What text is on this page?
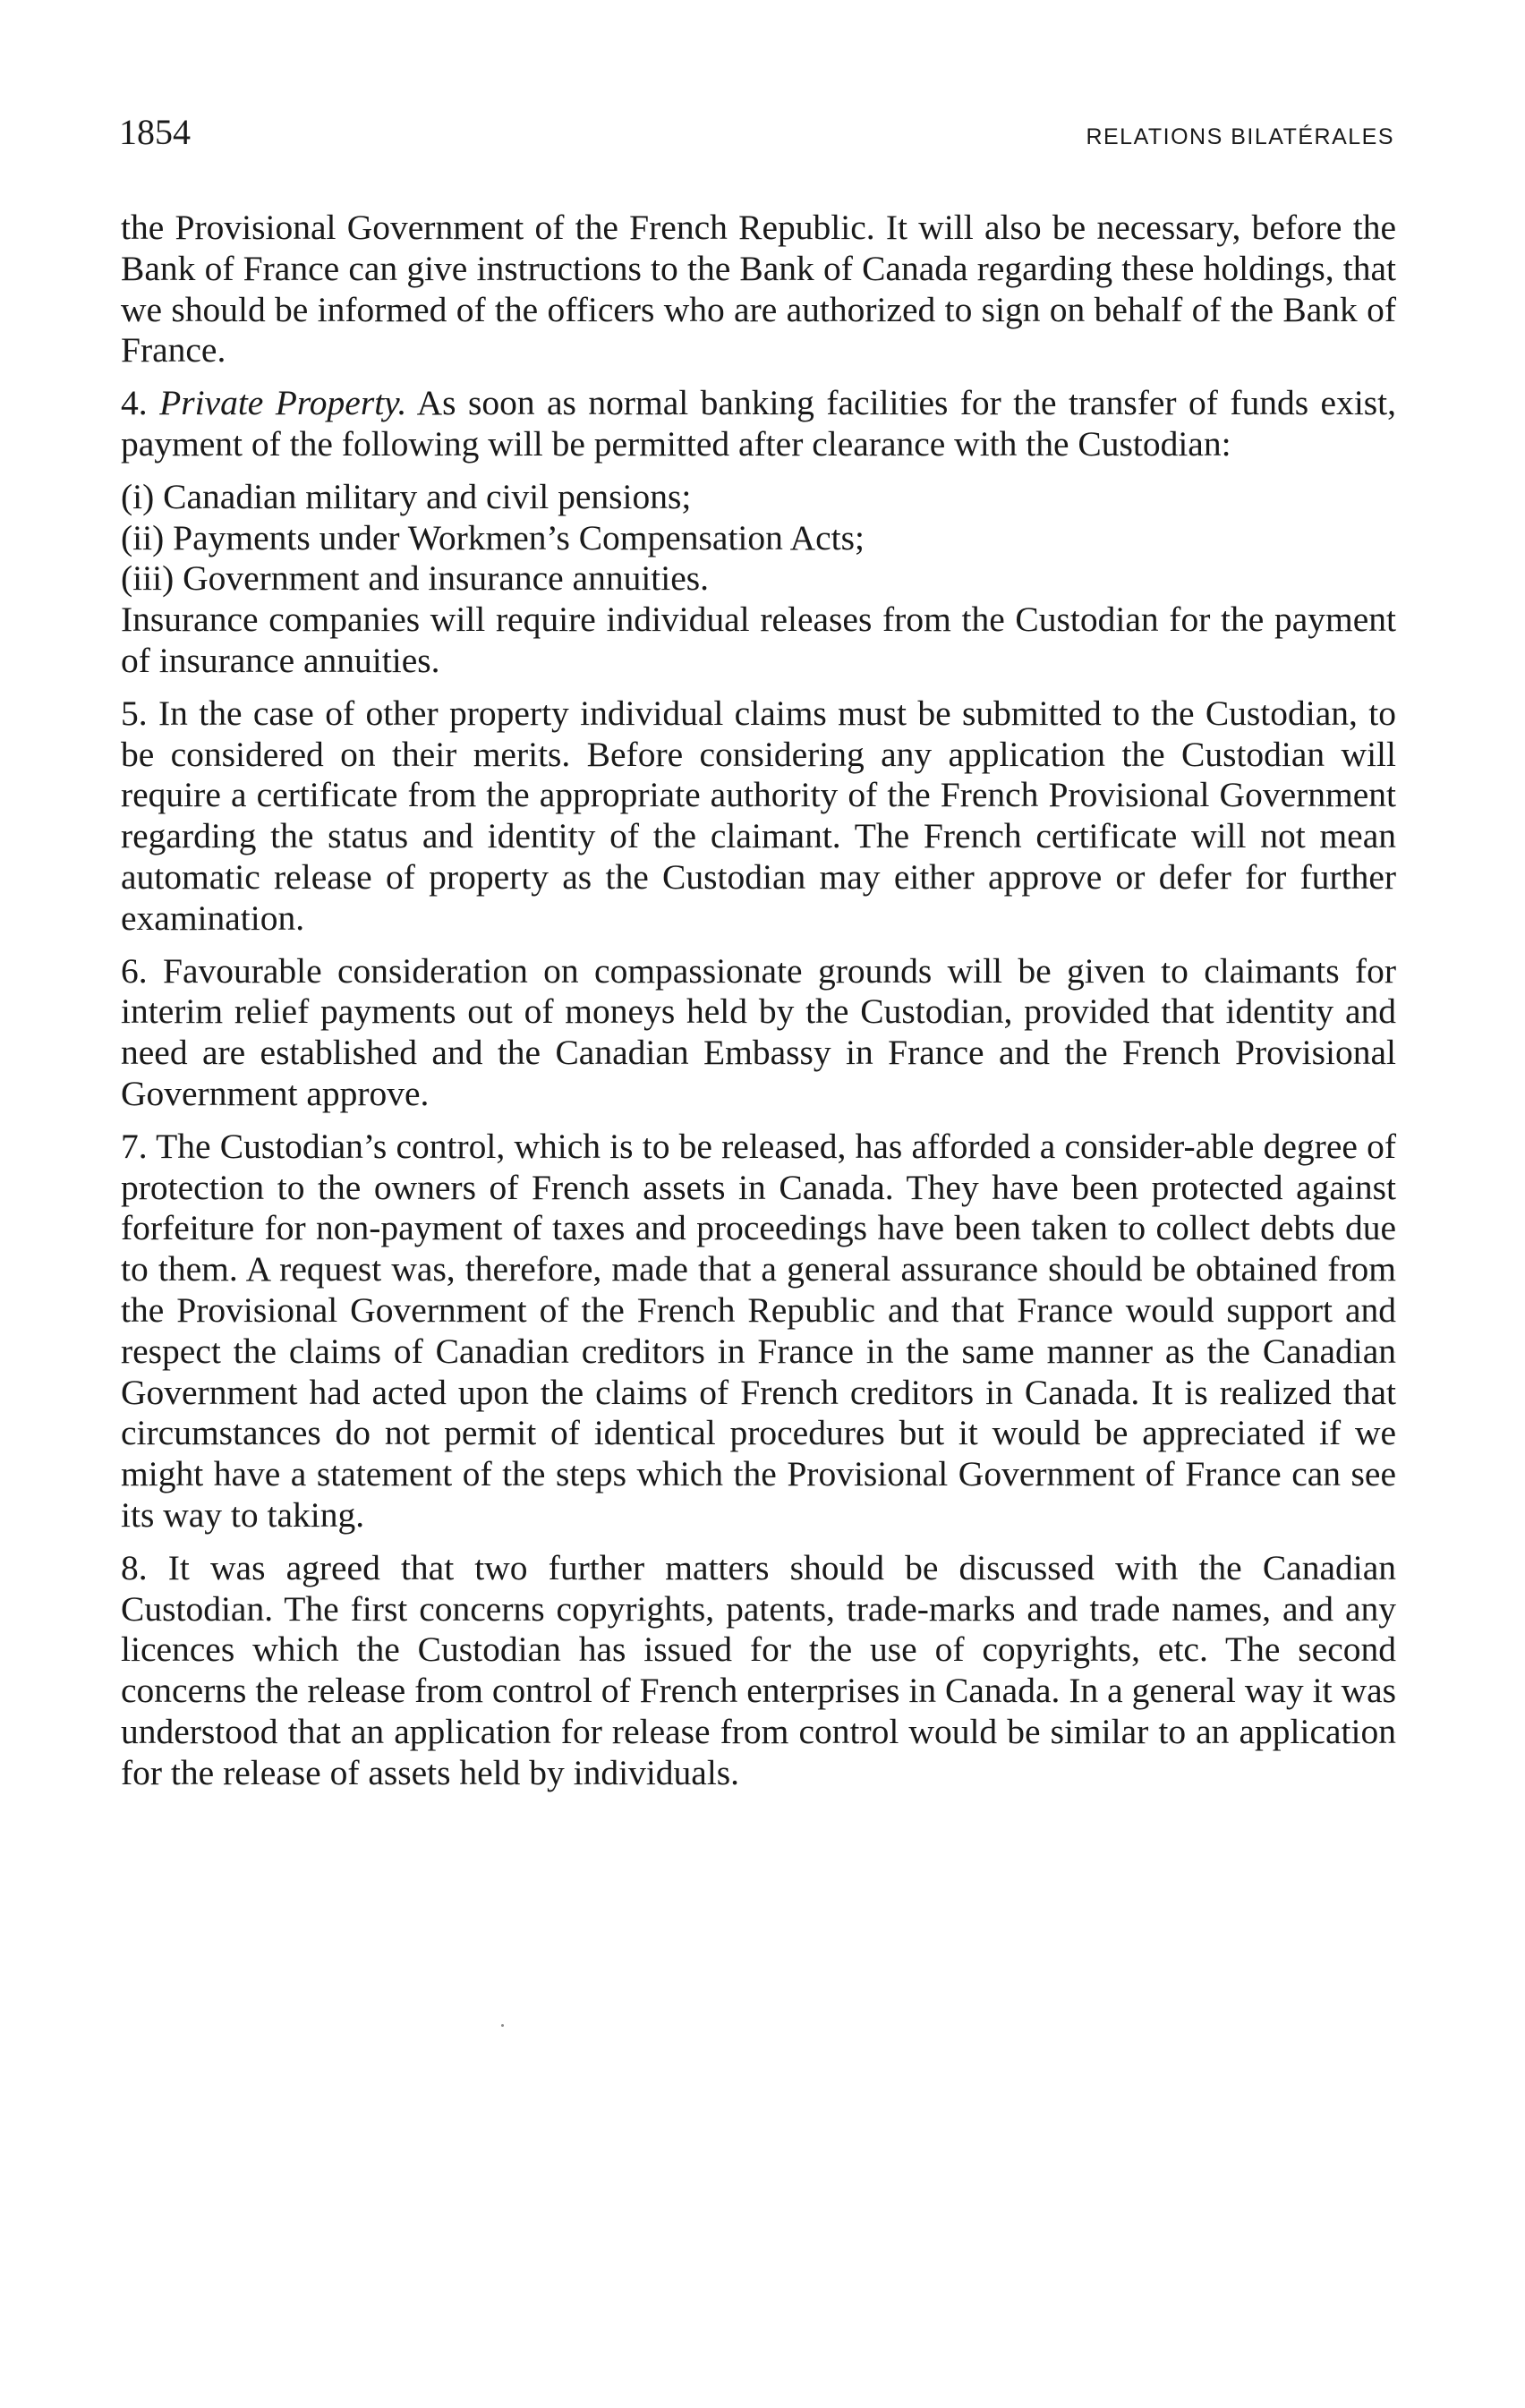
1854	RELATIONS BILATÉRALES

the Provisional Government of the French Republic. It will also be necessary, before the Bank of France can give instructions to the Bank of Canada regarding these holdings, that we should be informed of the officers who are authorized to sign on behalf of the Bank of France.

4. Private Property. As soon as normal banking facilities for the transfer of funds exist, payment of the following will be permitted after clearance with the Custodian:

(i) Canadian military and civil pensions;

(ii) Payments under Workmen’s Compensation Acts;

(iii) Government and insurance annuities.

Insurance companies will require individual releases from the Custodian for the payment of insurance annuities.

5. In the case of other property individual claims must be submitted to the Custodian, to be considered on their merits. Before considering any application the Custodian will require a certificate from the appropriate authority of the French Provisional Government regarding the status and identity of the claimant. The French certificate will not mean automatic release of property as the Custodian may either approve or defer for further examination.

6. Favourable consideration on compassionate grounds will be given to claimants for interim relief payments out of moneys held by the Custodian, provided that identity and need are established and the Canadian Embassy in France and the French Provisional Government approve.

7. The Custodian’s control, which is to be released, has afforded a consider-able degree of protection to the owners of French assets in Canada. They have been protected against forfeiture for non-payment of taxes and proceedings have been taken to collect debts due to them. A request was, therefore, made that a general assurance should be obtained from the Provisional Government of the French Republic and that France would support and respect the claims of Canadian creditors in France in the same manner as the Canadian Government had acted upon the claims of French creditors in Canada. It is realized that circumstances do not permit of identical procedures but it would be appreciated if we might have a statement of the steps which the Provisional Government of France can see its way to taking.

8. It was agreed that two further matters should be discussed with the Canadian Custodian. The first concerns copyrights, patents, trade-marks and trade names, and any licences which the Custodian has issued for the use of copyrights, etc. The second concerns the release from control of French enterprises in Canada. In a general way it was understood that an application for release from control would be similar to an application for the release of assets held by individuals.
